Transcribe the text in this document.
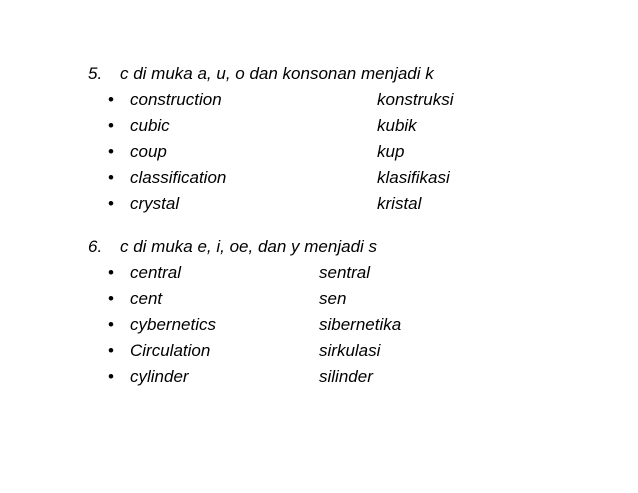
5.	c di muka a, u, o dan konsonan menjadi k
• construction	konstruksi
• cubic	kubik
• coup	kup
• classification	klasifikasi
• crystal	kristal
6.	c di muka e, i, oe, dan y menjadi s
• central	sentral
• cent	sen
• cybernetics	sibernetika
• Circulation	sirkulasi
• cylinder	silinder
